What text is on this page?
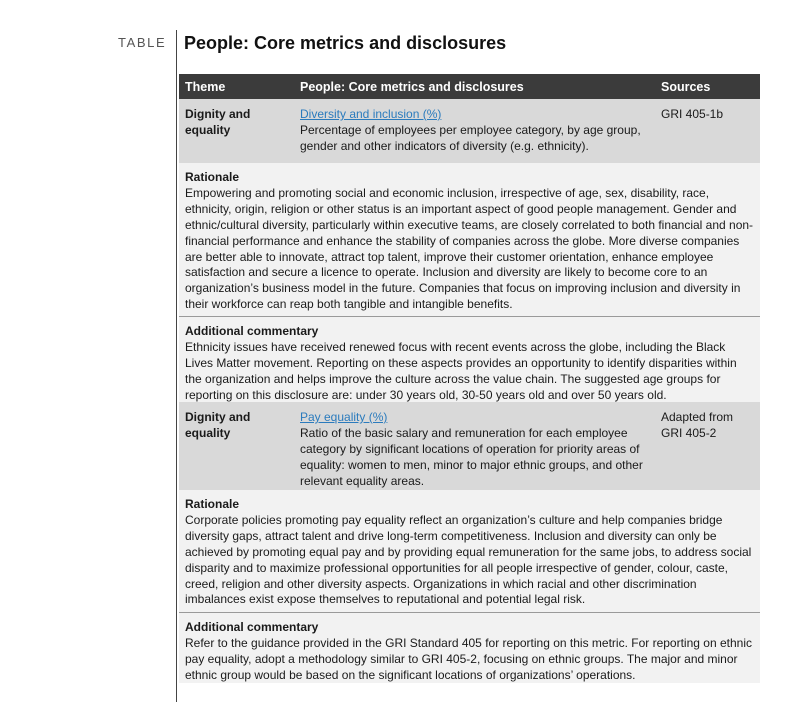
TABLE People: Core metrics and disclosures
Theme	People: Core metrics and disclosures	Sources
Dignity and equality
Diversity and inclusion (%)
Percentage of employees per employee category, by age group, gender and other indicators of diversity (e.g. ethnicity).
GRI 405-1b
Rationale
Empowering and promoting social and economic inclusion, irrespective of age, sex, disability, race, ethnicity, origin, religion or other status is an important aspect of good people management. Gender and ethnic/cultural diversity, particularly within executive teams, are closely correlated to both financial and non-financial performance and enhance the stability of companies across the globe. More diverse companies are better able to innovate, attract top talent, improve their customer orientation, enhance employee satisfaction and secure a licence to operate. Inclusion and diversity are likely to become core to an organization’s business model in the future. Companies that focus on improving inclusion and diversity in their workforce can reap both tangible and intangible benefits.
Additional commentary
Ethnicity issues have received renewed focus with recent events across the globe, including the Black Lives Matter movement. Reporting on these aspects provides an opportunity to identify disparities within the organization and helps improve the culture across the value chain. The suggested age groups for reporting on this disclosure are: under 30 years old, 30-50 years old and over 50 years old.
Dignity and equality
Pay equality (%)
Ratio of the basic salary and remuneration for each employee category by significant locations of operation for priority areas of equality: women to men, minor to major ethnic groups, and other relevant equality areas.
Adapted from GRI 405-2
Rationale
Corporate policies promoting pay equality reflect an organization’s culture and help companies bridge diversity gaps, attract talent and drive long-term competitiveness. Inclusion and diversity can only be achieved by promoting equal pay and by providing equal remuneration for the same jobs, to address social disparity and to maximize professional opportunities for all people irrespective of gender, colour, caste, creed, religion and other diversity aspects. Organizations in which racial and other discrimination imbalances exist expose themselves to reputational and potential legal risk.
Additional commentary
Refer to the guidance provided in the GRI Standard 405 for reporting on this metric. For reporting on ethnic pay equality, adopt a methodology similar to GRI 405-2, focusing on ethnic groups. The major and minor ethnic group would be based on the significant locations of organizations’ operations.
